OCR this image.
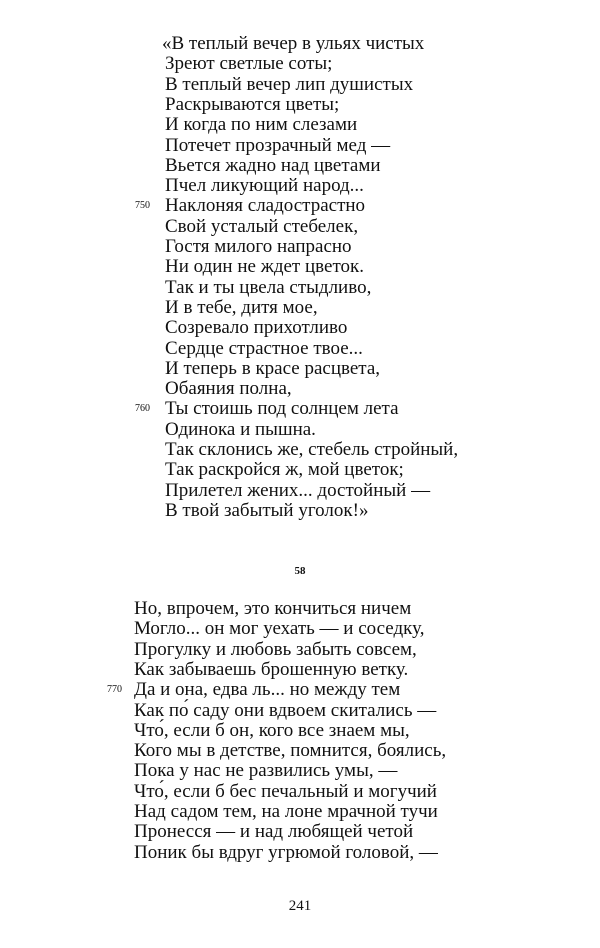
«В теплый вечер в ульях чистых
Зреют светлые соты;
В теплый вечер лип душистых
Раскрываются цветы;
И когда по ним слезами
Потечет прозрачный мед —
Вьется жадно над цветами
Пчел ликующий народ...
750 Наклоняя сладострастно
Свой усталый стебелек,
Гостя милого напрасно
Ни один не ждет цветок.
Так и ты цвела стыдливо,
И в тебе, дитя мое,
Созревало прихотливо
Сердце страстное твое...
И теперь в красе расцвета,
Обаяния полна,
760 Ты стоишь под солнцем лета
Одинока и пышна.
Так склонись же, стебель стройный,
Так раскройся ж, мой цветок;
Прилетел жених... достойный —
В твой забытый уголок!»
58
Но, впрочем, это кончиться ничем
Могло... он мог уехать — и соседку,
Прогулку и любовь забыть совсем,
Как забываешь брошенную ветку.
770 Да и она, едва ль... но между тем
Как по́ саду они вдвоем скитались —
Что́, если б он, кого все знаем мы,
Кого мы в детстве, помнится, боялись,
Пока у нас не развились умы, —
Что́, если б бес печальный и могучий
Над садом тем, на лоне мрачной тучи
Пронесся — и над любящей четой
Поник бы вдруг угрюмой головой, —
241
